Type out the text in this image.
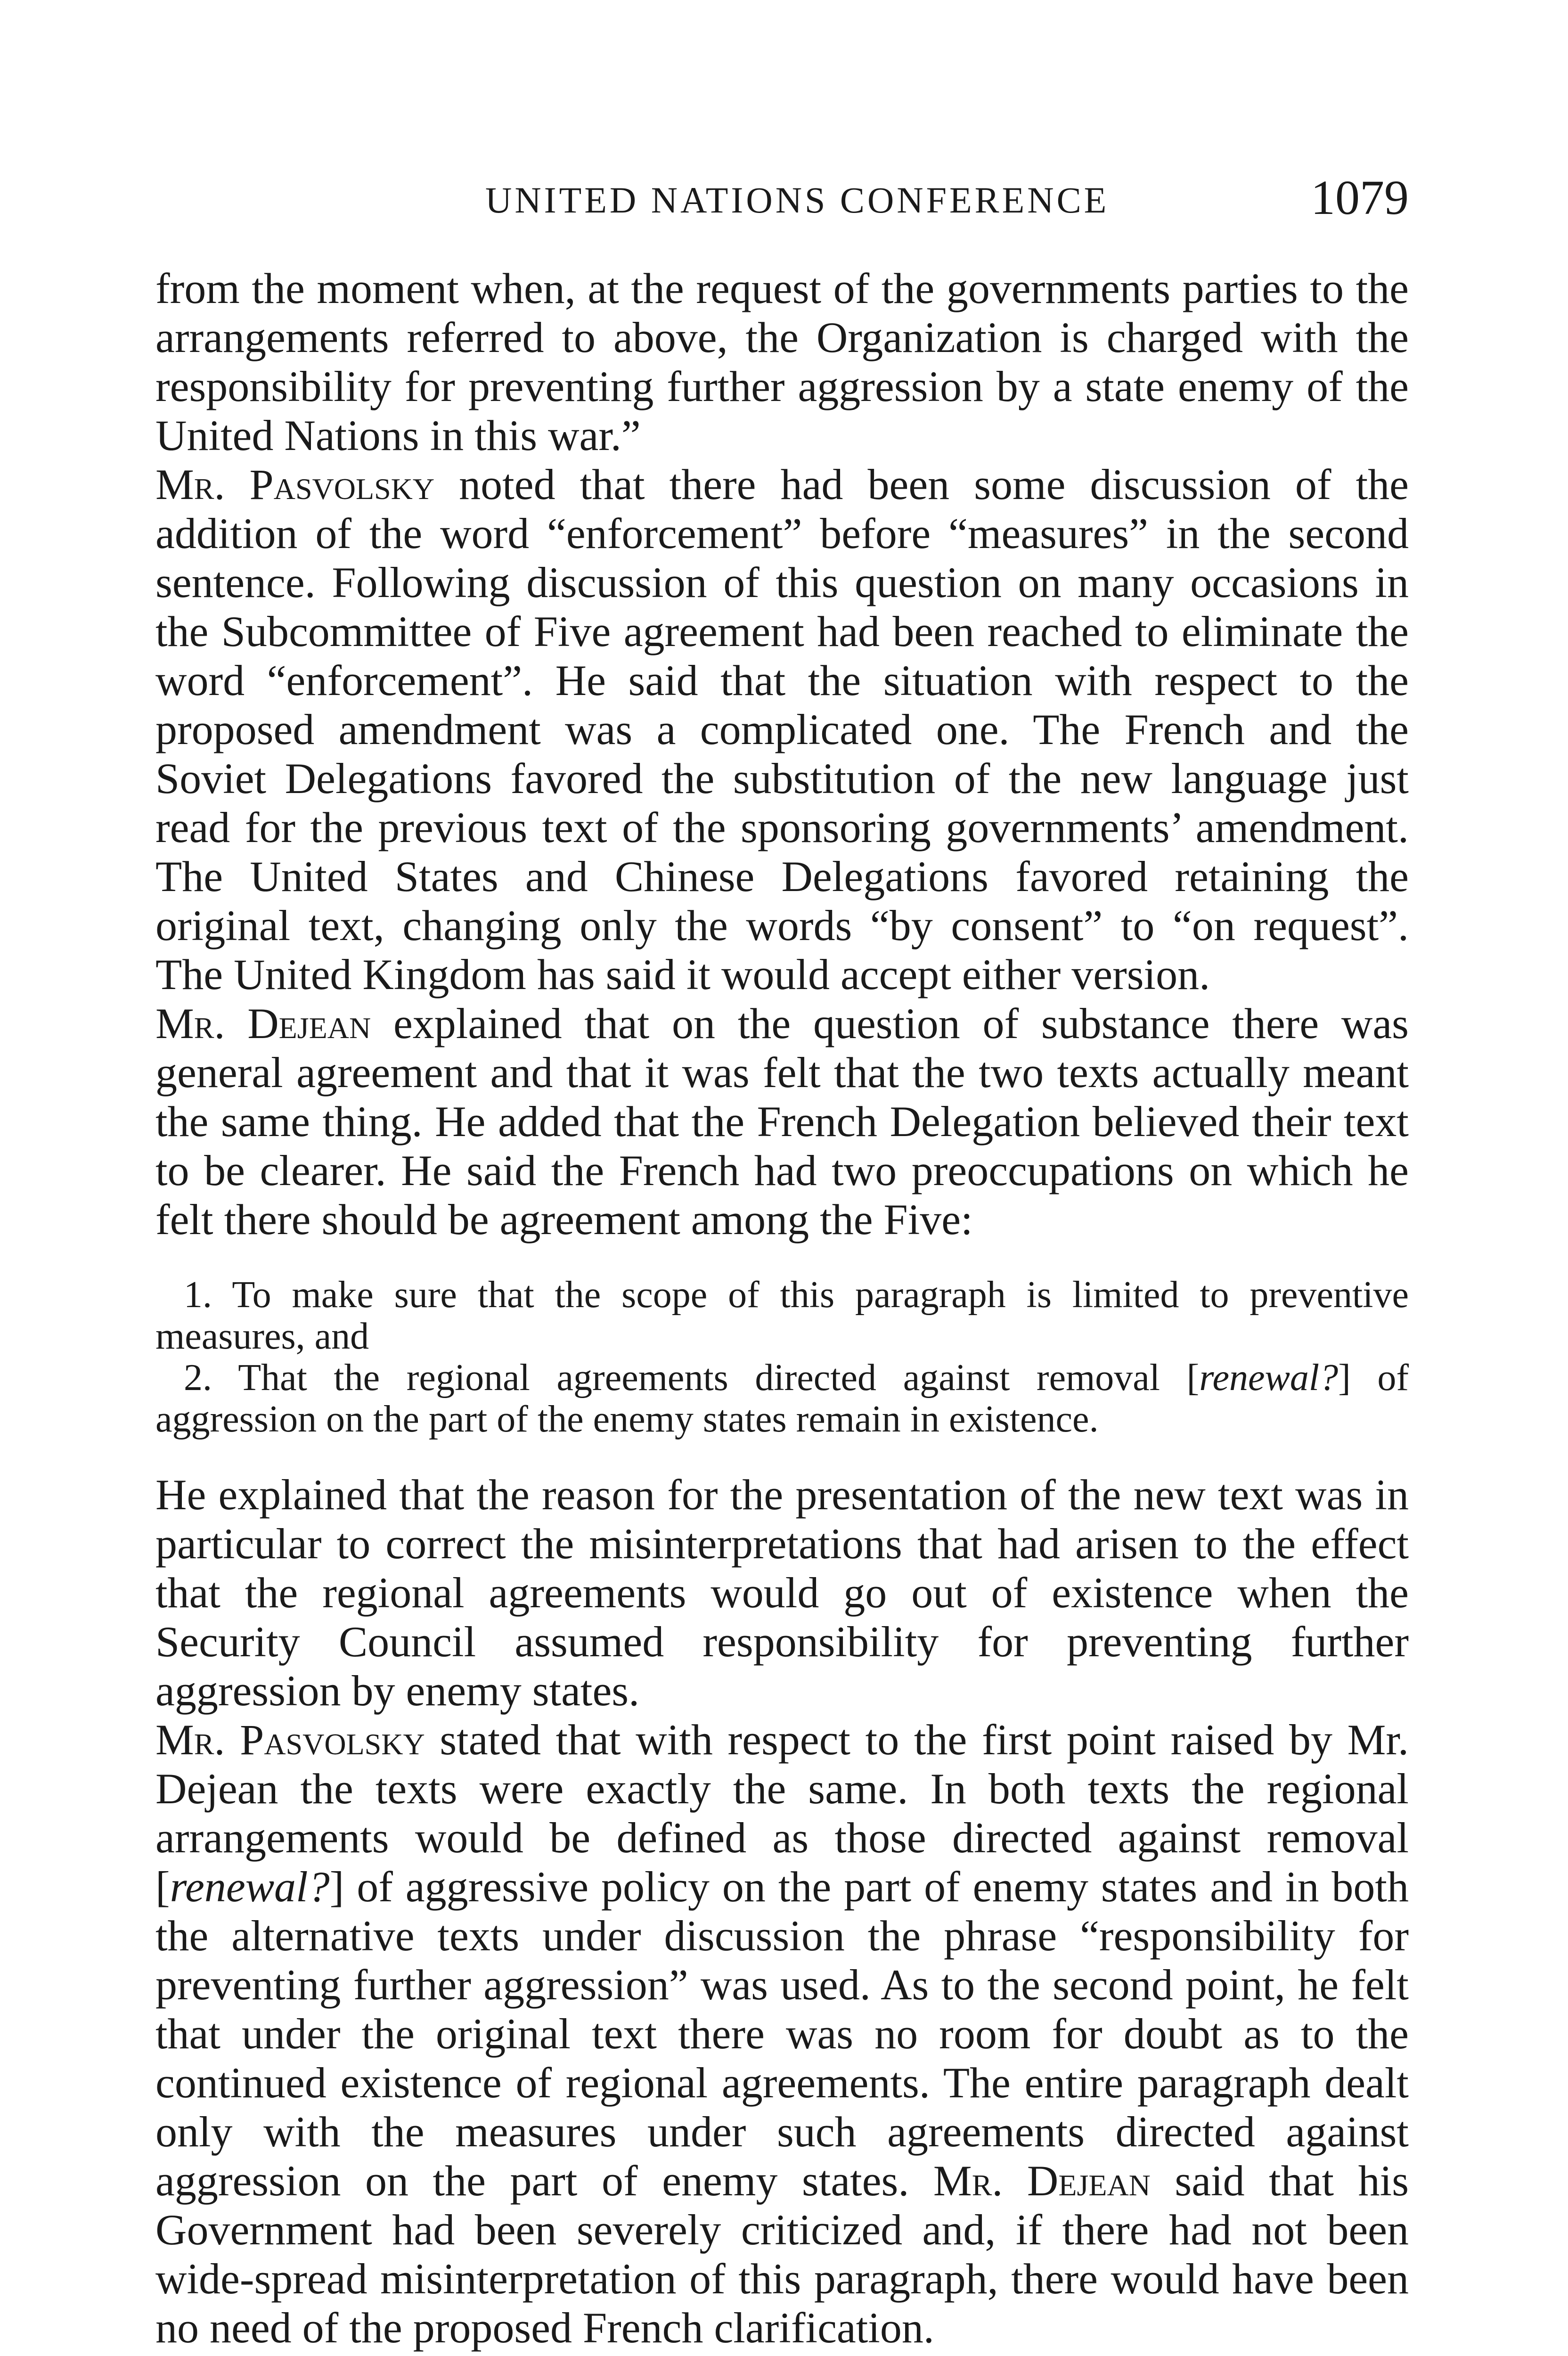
UNITED NATIONS CONFERENCE	1079

from the moment when, at the request of the governments parties to the arrangements referred to above, the Organization is charged with the responsibility for preventing further aggression by a state enemy of the United Nations in this war.”

Mr. Pasvolsky noted that there had been some discussion of the addition of the word “enforcement” before “measures” in the second sentence. Following discussion of this question on many occasions in the Subcommittee of Five agreement had been reached to eliminate the word “enforcement”. He said that the situation with respect to the proposed amendment was a complicated one. The French and the Soviet Delegations favored the substitution of the new language just read for the previous text of the sponsoring governments’ amendment. The United States and Chinese Delegations favored retaining the original text, changing only the words “by consent” to “on request”. The United Kingdom has said it would accept either version.

Mr. Dejean explained that on the question of substance there was general agreement and that it was felt that the two texts actually meant the same thing. He added that the French Delegation believed their text to be clearer. He said the French had two preoccupations on which he felt there should be agreement among the Five:

1. To make sure that the scope of this paragraph is limited to preventive measures, and

2. That the regional agreements directed against removal [renewal?] of aggression on the part of the enemy states remain in existence.

He explained that the reason for the presentation of the new text was in particular to correct the misinterpretations that had arisen to the effect that the regional agreements would go out of existence when the Security Council assumed responsibility for preventing further aggression by enemy states.

Mr. Pasvolsky stated that with respect to the first point raised by Mr. Dejean the texts were exactly the same. In both texts the regional arrangements would be defined as those directed against removal [renewal?] of aggressive policy on the part of enemy states and in both the alternative texts under discussion the phrase “responsibility for preventing further aggression” was used. As to the second point, he felt that under the original text there was no room for doubt as to the continued existence of regional agreements. The entire paragraph dealt only with the measures under such agreements directed against aggression on the part of enemy states. Mr. Dejean said that his Government had been severely criticized and, if there had not been wide-spread misinterpretation of this paragraph, there would have been no need of the proposed French clarification.
